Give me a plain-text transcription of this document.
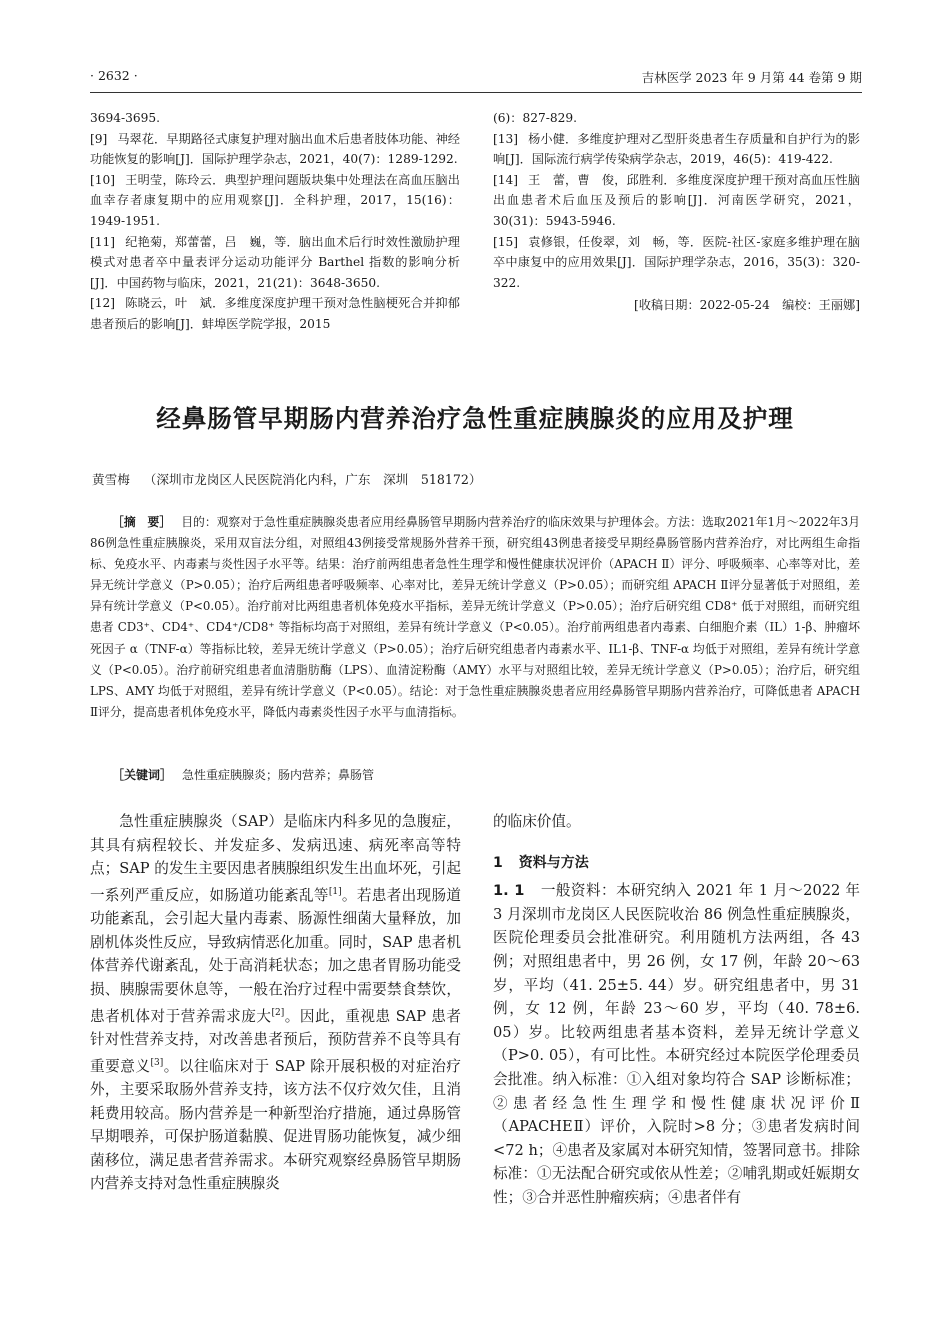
· 2632 ·	吉林医学 2023 年 9 月第 44 卷第 9 期

3694-3695.

[9] 马翠花．早期路径式康复护理对脑出血术后患者肢体功能、神经功能恢复的影响[J]．国际护理学杂志，2021，40(7)：1289-1292.

[10] 王明莹，陈玲云．典型护理问题版块集中处理法在高血压脑出血幸存者康复期中的应用观察[J]．全科护理，2017，15(16)：1949-1951.

[11] 纪艳菊，郑蕾蕾，吕　巍，等．脑出血术后行时效性激励护理模式对患者卒中量表评分运动功能评分 Barthel 指数的影响分析[J]．中国药物与临床，2021，21(21)：3648-3650.

[12] 陈晓云，叶　斌．多维度深度护理干预对急性脑梗死合并抑郁患者预后的影响[J]．蚌埠医学院学报，2015

(6)：827-829.

[13] 杨小健．多维度护理对乙型肝炎患者生存质量和自护行为的影响[J]．国际流行病学传染病学杂志，2019，46(5)：419-422.

[14] 王　蕾，曹　俊，邱胜利．多维度深度护理干预对高血压性脑出血患者术后血压及预后的影响[J]．河南医学研究，2021，30(31)：5943-5946.

[15] 袁修银，任俊翠，刘　畅，等．医院-社区-家庭多维护理在脑卒中康复中的应用效果[J]．国际护理学杂志，2016，35(3)：320-322.

[收稿日期：2022-05-24　编校：王丽娜]
经鼻肠管早期肠内营养治疗急性重症胰腺炎的应用及护理
黄雪梅 （深圳市龙岗区人民医院消化内科，广东　深圳　518172）
［摘　要］ 目的：观察对于急性重症胰腺炎患者应用经鼻肠管早期肠内营养治疗的临床效果与护理体会。方法：选取2021年1月～2022年3月86例急性重症胰腺炎，采用双盲法分组，对照组43例接受常规肠外营养干预，研究组43例患者接受早期经鼻肠管肠内营养治疗，对比两组生命指标、免疫水平、内毒素与炎性因子水平等。结果：治疗前两组患者急性生理学和慢性健康状况评价（APACH Ⅱ）评分、呼吸频率、心率等对比，差异无统计学意义（P>0.05）；治疗后两组患者呼吸频率、心率对比，差异无统计学意义（P>0.05）；而研究组 APACH Ⅱ评分显著低于对照组，差异有统计学意义（P<0.05）。治疗前对比两组患者机体免疫水平指标，差异无统计学意义（P>0.05）；治疗后研究组 CD8⁺ 低于对照组，而研究组患者 CD3⁺、CD4⁺、CD4⁺/CD8⁺ 等指标均高于对照组，差异有统计学意义（P<0.05）。治疗前两组患者内毒素、白细胞介素（IL）1-β、肿瘤坏死因子 α（TNF-α）等指标比较，差异无统计学意义（P>0.05）；治疗后研究组患者内毒素水平、IL1-β、TNF-α 均低于对照组，差异有统计学意义（P<0.05）。治疗前研究组患者血清脂肪酶（LPS）、血清淀粉酶（AMY）水平与对照组比较，差异无统计学意义（P>0.05）；治疗后，研究组 LPS、AMY 均低于对照组，差异有统计学意义（P<0.05）。结论：对于急性重症胰腺炎患者应用经鼻肠管早期肠内营养治疗，可降低患者 APACH Ⅱ评分，提高患者机体免疫水平，降低内毒素炎性因子水平与血清指标。
［关键词］ 急性重症胰腺炎；肠内营养；鼻肠管

急性重症胰腺炎（SAP）是临床内科多见的急腹症，其具有病程较长、并发症多、发病迅速、病死率高等特点；SAP 的发生主要因患者胰腺组织发生出血坏死，引起一系列严重反应，如肠道功能紊乱等[1]。若患者出现肠道功能紊乱，会引起大量内毒素、肠源性细菌大量释放，加剧机体炎性反应，导致病情恶化加重。同时，SAP 患者机体营养代谢紊乱，处于高消耗状态；加之患者胃肠功能受损、胰腺需要休息等，一般在治疗过程中需要禁食禁饮，患者机体对于营养需求庞大[2]。因此，重视患 SAP 患者针对性营养支持，对改善患者预后，预防营养不良等具有重要意义[3]。以往临床对于 SAP 除开展积极的对症治疗外，主要采取肠外营养支持，该方法不仅疗效欠佳，且消耗费用较高。肠内营养是一种新型治疗措施，通过鼻肠管早期喂养，可保护肠道黏膜、促进胃肠功能恢复，减少细菌移位，满足患者营养需求。本研究观察经鼻肠管早期肠内营养支持对急性重症胰腺炎

的临床价值。

1 资料与方法

1. 1 一般资料：本研究纳入 2021 年 1 月～2022 年 3 月深圳市龙岗区人民医院收治 86 例急性重症胰腺炎，医院伦理委员会批准研究。利用随机方法两组，各 43 例；对照组患者中，男 26 例，女 17 例，年龄 20～63 岁，平均（41. 25±5. 44）岁。研究组患者中，男 31 例，女 12 例，年龄 23～60 岁，平均（40. 78±6. 05）岁。比较两组患者基本资料，差异无统计学意义（P>0. 05），有可比性。本研究经过本院医学伦理委员会批准。纳入标准：①入组对象均符合 SAP 诊断标准；②患者经急性生理学和慢性健康状况评价Ⅱ（APACHEⅡ）评价，入院时>8 分；③患者发病时间<72 h；④患者及家属对本研究知情，签署同意书。排除标准：①无法配合研究或依从性差；②哺乳期或妊娠期女性；③合并恶性肿瘤疾病；④患者伴有
